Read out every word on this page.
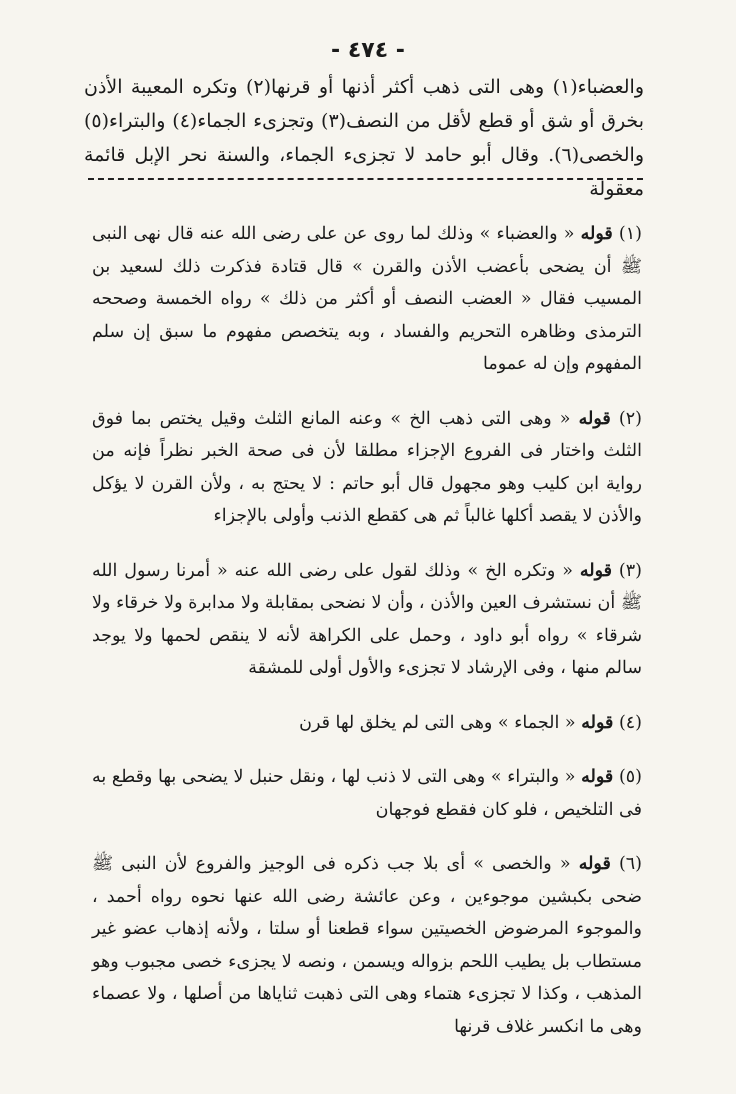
- ٤٧٤ -

والعضباء(١) وهى التى ذهب أكثر أذنها أو قرنها(٢) وتكره المعيبة الأذن بخرق أو شق أو قطع لأقل من النصف(٣) وتجزىء الجماء(٤) والبتراء(٥) والخصى(٦). وقال أبو حامد لا تجزىء الجماء، والسنة نحر الإبل قائمة معقولة

(١) قوله « والعضباء » وذلك لما روى عن على رضى الله عنه قال نهى النبى ﷺ أن يضحى بأعضب الأذن والقرن » قال قتادة فذكرت ذلك لسعيد بن المسيب فقال « العضب النصف أو أكثر من ذلك » رواه الخمسة وصححه الترمذى وظاهره التحريم والفساد ، وبه يتخصص مفهوم ما سبق إن سلم المفهوم وإن له عموما

(٢) قوله « وهى التى ذهب الخ » وعنه المانع الثلث وقيل يختص بما فوق الثلث واختار فى الفروع الإجزاء مطلقا لأن فى صحة الخبر نظراً فإنه من رواية ابن كليب وهو مجهول قال أبو حاتم : لا يحتج به ، ولأن القرن لا يؤكل والأذن لا يقصد أكلها غالباً ثم هى كقطع الذنب وأولى بالإجزاء

(٣) قوله « وتكره الخ » وذلك لقول على رضى الله عنه « أمرنا رسول الله ﷺ أن نستشرف العين والأذن ، وأن لا نضحى بمقابلة ولا مدابرة ولا خرقاء ولا شرقاء » رواه أبو داود ، وحمل على الكراهة لأنه لا ينقص لحمها ولا يوجد سالم منها ، وفى الإرشاد لا تجزىء والأول أولى للمشقة

(٤) قوله « الجماء » وهى التى لم يخلق لها قرن

(٥) قوله « والبتراء » وهى التى لا ذنب لها ، ونقل حنبل لا يضحى بها وقطع به فى التلخيص ، فلو كان فقطع فوجهان

(٦) قوله « والخصى » أى بلا جب ذكره فى الوجيز والفروع لأن النبى ﷺ ضحى بكبشين موجوءين ، وعن عائشة رضى الله عنها نحوه رواه أحمد ، والموجوء المرضوض الخصيتين سواء قطعنا أو سلتا ، ولأنه إذهاب عضو غير مستطاب بل يطيب اللحم بزواله ويسمن ، ونصه لا يجزىء خصى مجبوب وهو المذهب ، وكذا لا تجزىء هتماء وهى التى ذهبت ثناياها من أصلها ، ولا عصماء وهى ما انكسر غلاف قرنها
